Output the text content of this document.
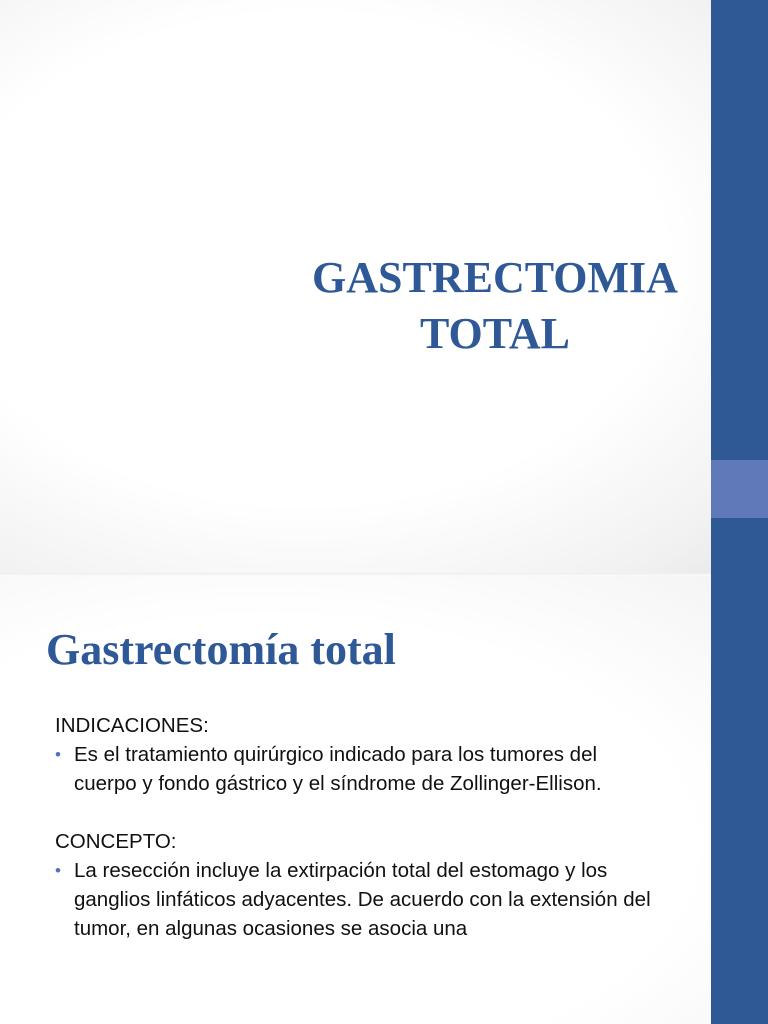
GASTRECTOMIA
TOTAL
Gastrectomía total

INDICACIONES:

• Es el tratamiento quirúrgico indicado para los tumores del cuerpo y fondo gástrico y el síndrome de Zollinger-Ellison.

CONCEPTO:

• La resección incluye la extirpación total del estomago y los ganglios linfáticos adyacentes. De acuerdo con la extensión del tumor, en algunas ocasiones se asocia una
